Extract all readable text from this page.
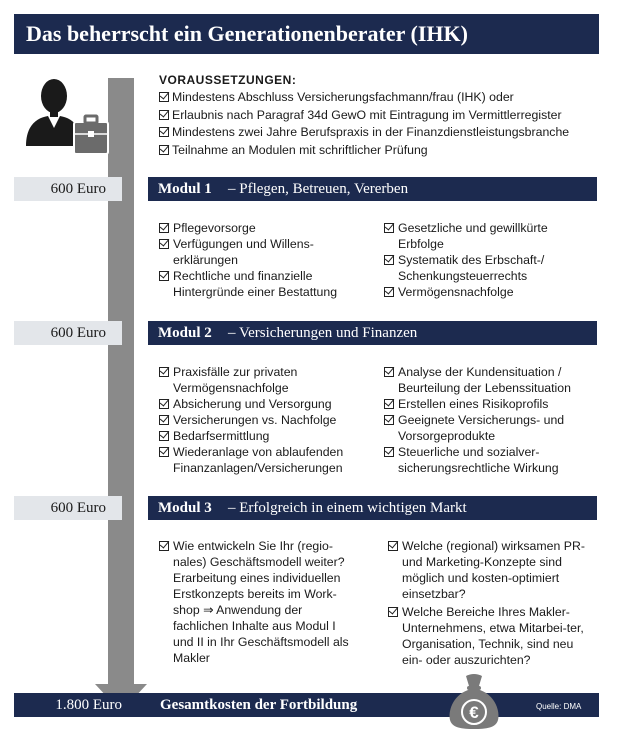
Das beherrscht ein Generationenberater (IHK)
VORAUSSETZUNGEN:
Mindestens Abschluss Versicherungsfachmann/frau (IHK) oder
Erlaubnis nach Paragraf 34d GewO mit Eintragung im Vermittlerregister
Mindestens zwei Jahre Berufspraxis in der Finanzdienstleistungsbranche
Teilnahme an Modulen mit schriftlicher Prüfung
600 Euro	Modul 1 – Pflegen, Betreuen, Vererben
Pflegevorsorge
Verfügungen und Willens-erklärungen
Rechtliche und finanzielle Hintergründe einer Bestattung
Gesetzliche und gewillkürte Erbfolge
Systematik des Erbschaft-/ Schenkungsteuerrechts
Vermögensnachfolge
600 Euro	Modul 2 – Versicherungen und Finanzen
Praxisfälle zur privaten Vermögensnachfolge
Absicherung und Versorgung
Versicherungen vs. Nachfolge
Bedarfsermittlung
Wiederanlage von ablaufenden Finanzanlagen/Versicherungen
Analyse der Kundensituation / Beurteilung der Lebenssituation
Erstellen eines Risikoprofils
Geeignete Versicherungs- und Vorsorgeprodukte
Steuerliche und sozialver-sicherungsrechtliche Wirkung
600 Euro	Modul 3 – Erfolgreich in einem wichtigen Markt
Wie entwickeln Sie Ihr (regio-nales) Geschäftsmodell weiter? Erarbeitung eines individuellen Erstkonzepts bereits im Work-shop ⇒ Anwendung der fachlichen Inhalte aus Modul I und II in Ihr Geschäftsmodell als Makler
Welche (regional) wirksamen PR- und Marketing-Konzepte sind möglich und kosten-optimiert einsetzbar?
Welche Bereiche Ihres Makler-Unternehmens, etwa Mitarbei-ter, Organisation, Technik, sind neu ein- oder auszurichten?
1.800 Euro	Gesamtkosten der Fortbildung	Quelle: DMA
€
